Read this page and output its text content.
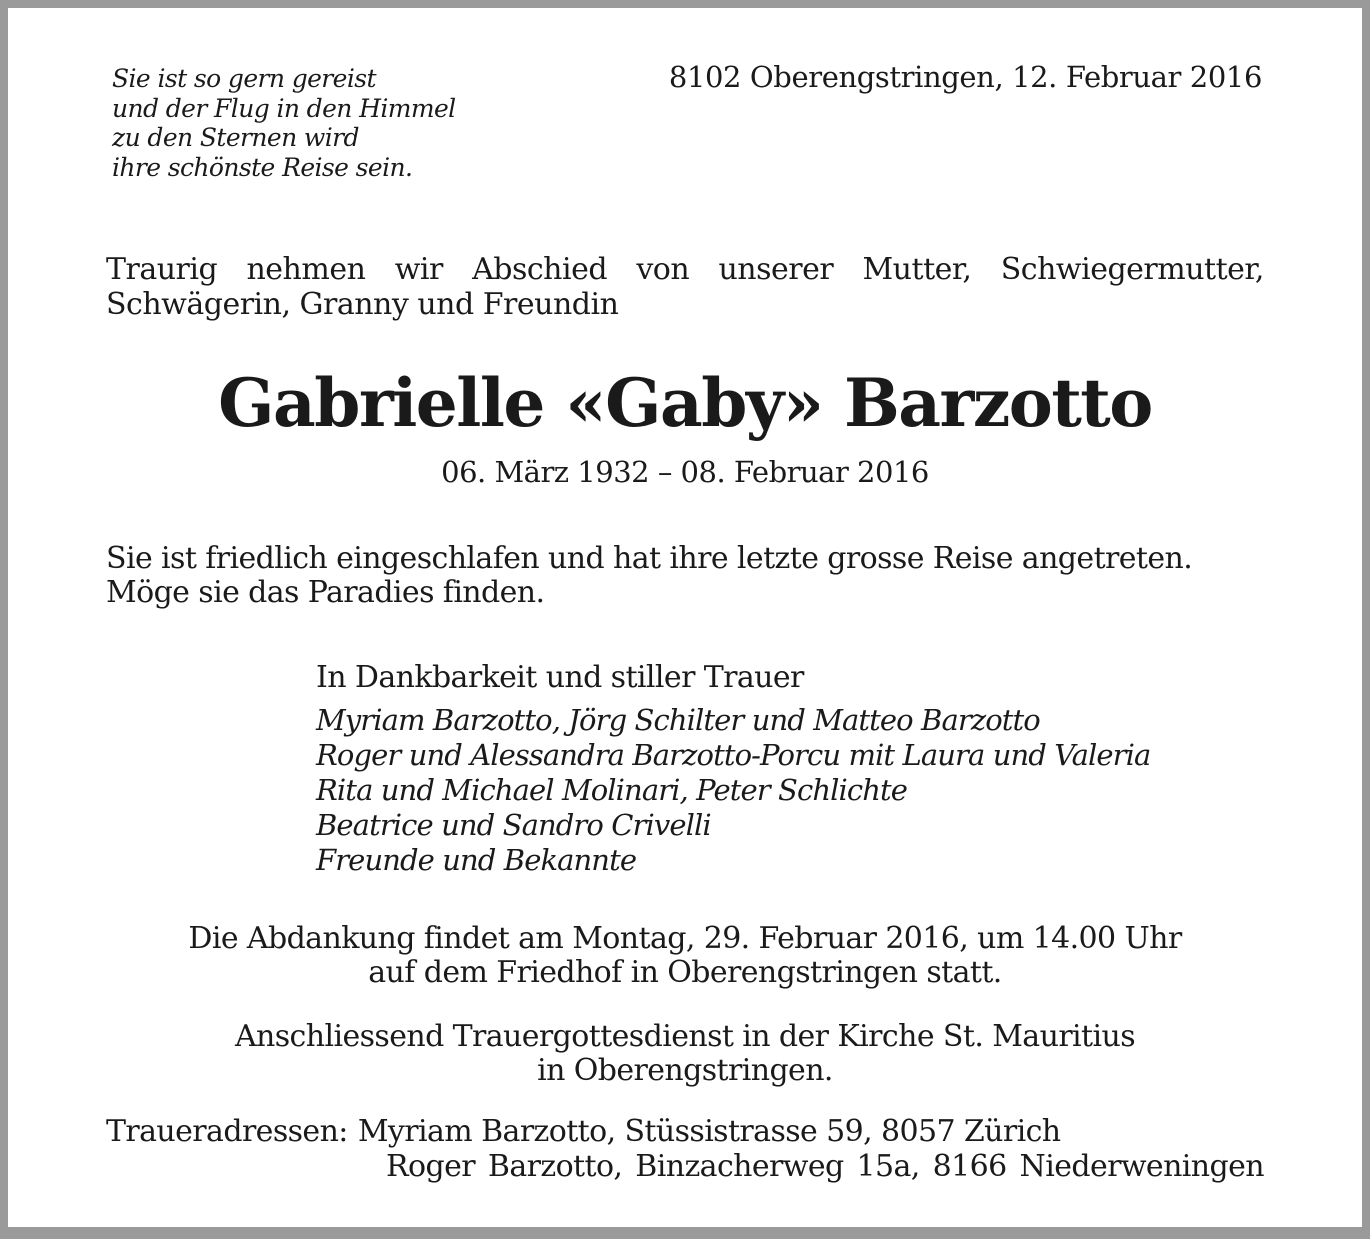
Sie ist so gern gereist
und der Flug in den Himmel
zu den Sternen wird
ihre schönste Reise sein.
8102 Oberengstringen, 12. Februar 2016
Traurig nehmen wir Abschied von unserer Mutter, Schwiegermutter,
Schwägerin, Granny und Freundin
Gabrielle «Gaby» Barzotto
06. März 1932 – 08. Februar 2016
Sie ist friedlich eingeschlafen und hat ihre letzte grosse Reise angetreten.
Möge sie das Paradies finden.
In Dankbarkeit und stiller Trauer
Myriam Barzotto, Jörg Schilter und Matteo Barzotto
Roger und Alessandra Barzotto-Porcu mit Laura und Valeria
Rita und Michael Molinari, Peter Schlichte
Beatrice und Sandro Crivelli
Freunde und Bekannte
Die Abdankung findet am Montag, 29. Februar 2016, um 14.00 Uhr
auf dem Friedhof in Oberengstringen statt.
Anschliessend Trauergottesdienst in der Kirche St. Mauritius
in Oberengstringen.
Traueradressen: Myriam Barzotto, Stüssistrasse 59, 8057 Zürich
Roger Barzotto, Binzacherweg 15a, 8166 Niederweningen
